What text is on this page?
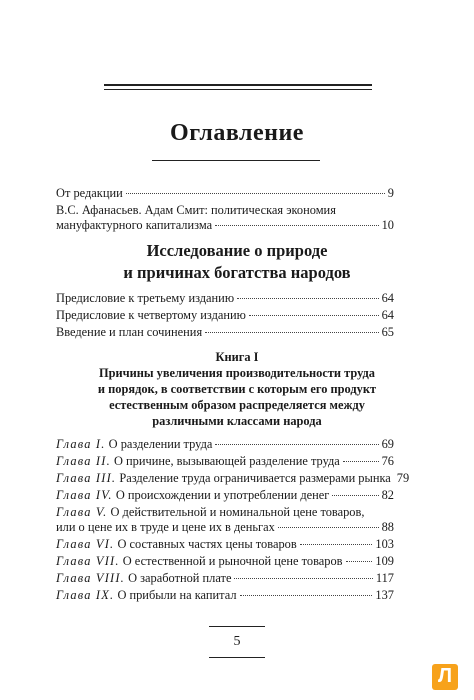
Оглавление
От редакции	9
В.С. Афанасьев. Адам Смит: политическая экономия
мануфактурного капитализма	10
Исследование о природе
и причинах богатства народов
Предисловие к третьему изданию	64
Предисловие к четвертому изданию	64
Введение и план сочинения	65
Книга I
Причины увеличения производительности труда
и порядок, в соответствии с которым его продукт
естественным образом распределяется между
различными классами народа
Глава I. О разделении труда	69
Глава II. О причине, вызывающей разделение труда	76
Глава III. Разделение труда ограничивается размерами рынка 79
Глава IV. О происхождении и употреблении денег	82
Глава V. О действительной и номинальной цене товаров,
или о цене их в труде и цене их в деньгах	88
Глава VI. О составных частях цены товаров	103
Глава VII. О естественной и рыночной цене товаров	109
Глава VIII. О заработной плате	117
Глава IX. О прибыли на капитал	137
5
Л
